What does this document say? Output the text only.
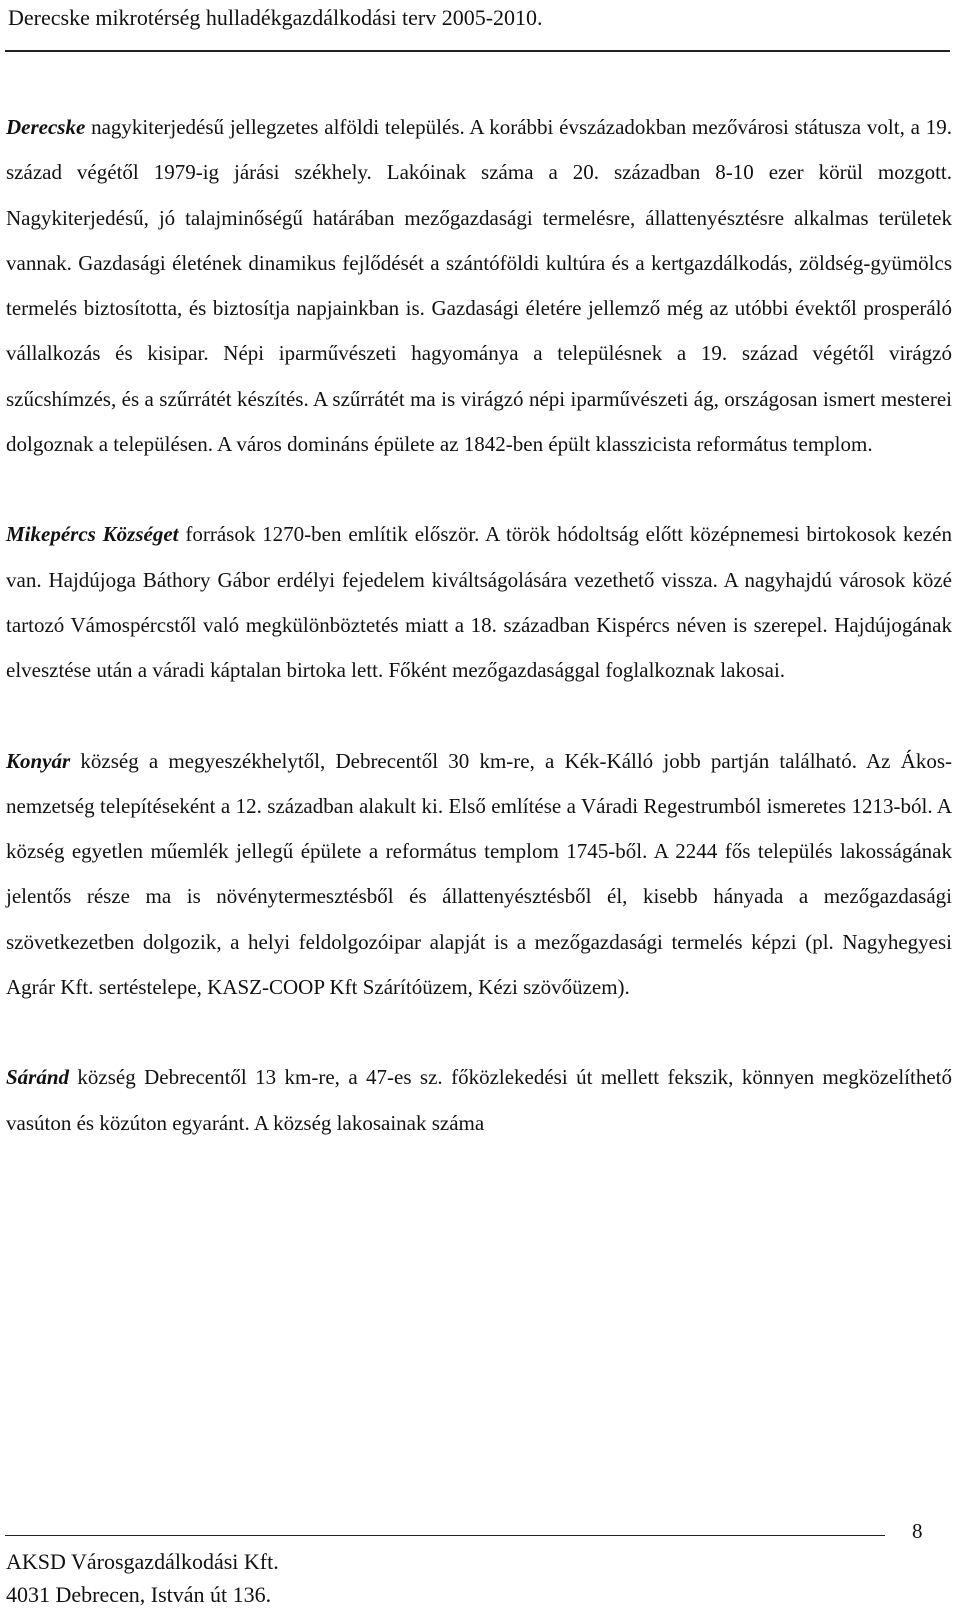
Derecske mikrotérség hulladékgazdálkodási terv 2005-2010.

Derecske nagykiterjedésű jellegzetes alföldi település. A korábbi évszázadokban mezővárosi státusza volt, a 19. század végétől 1979-ig járási székhely. Lakóinak száma a 20. században 8-10 ezer körül mozgott. Nagykiterjedésű, jó talajminőségű határában mezőgazdasági termelésre, állattenyésztésre alkalmas területek vannak. Gazdasági életének dinamikus fejlődését a szántóföldi kultúra és a kertgazdálkodás, zöldség-gyümölcs termelés biztosította, és biztosítja napjainkban is. Gazdasági életére jellemző még az utóbbi évektől prosperáló vállalkozás és kisipar. Népi iparművészeti hagyománya a településnek a 19. század végétől virágzó szűcshímzés, és a szűrrátét készítés. A szűrrátét ma is virágzó népi iparművészeti ág, országosan ismert mesterei dolgoznak a településen. A város domináns épülete az 1842-ben épült klasszicista református templom.

Mikepércs Községet források 1270-ben említik először. A török hódoltság előtt középnemesi birtokosok kezén van. Hajdújoga Báthory Gábor erdélyi fejedelem kiváltságolására vezethető vissza. A nagyhajdú városok közé tartozó Vámospércstől való megkülönböztetés miatt a 18. században Kispércs néven is szerepel. Hajdújogának elvesztése után a váradi káptalan birtoka lett. Főként mezőgazdasággal foglalkoznak lakosai.

Konyár község a megyeszékhelytől, Debrecentől 30 km-re, a Kék-Kálló jobb partján található. Az Ákos-nemzetség telepítéseként a 12. században alakult ki. Első említése a Váradi Regestrumból ismeretes 1213-ból. A község egyetlen műemlék jellegű épülete a református templom 1745-ből. A 2244 fős település lakosságának jelentős része ma is növénytermesztésből és állattenyésztésből él, kisebb hányada a mezőgazdasági szövetkezetben dolgozik, a helyi feldolgozóipar alapját is a mezőgazdasági termelés képzi (pl. Nagyhegyesi Agrár Kft. sertéstelepe, KASZ-COOP Kft Szárítóüzem, Kézi szövőüzem).

Sáránd község Debrecentől 13 km-re, a 47-es sz. főközlekedési út mellett fekszik, könnyen megközelíthető vasúton és közúton egyaránt. A község lakosainak száma

8
AKSD Városgazdálkodási Kft.
4031 Debrecen, István út 136.
